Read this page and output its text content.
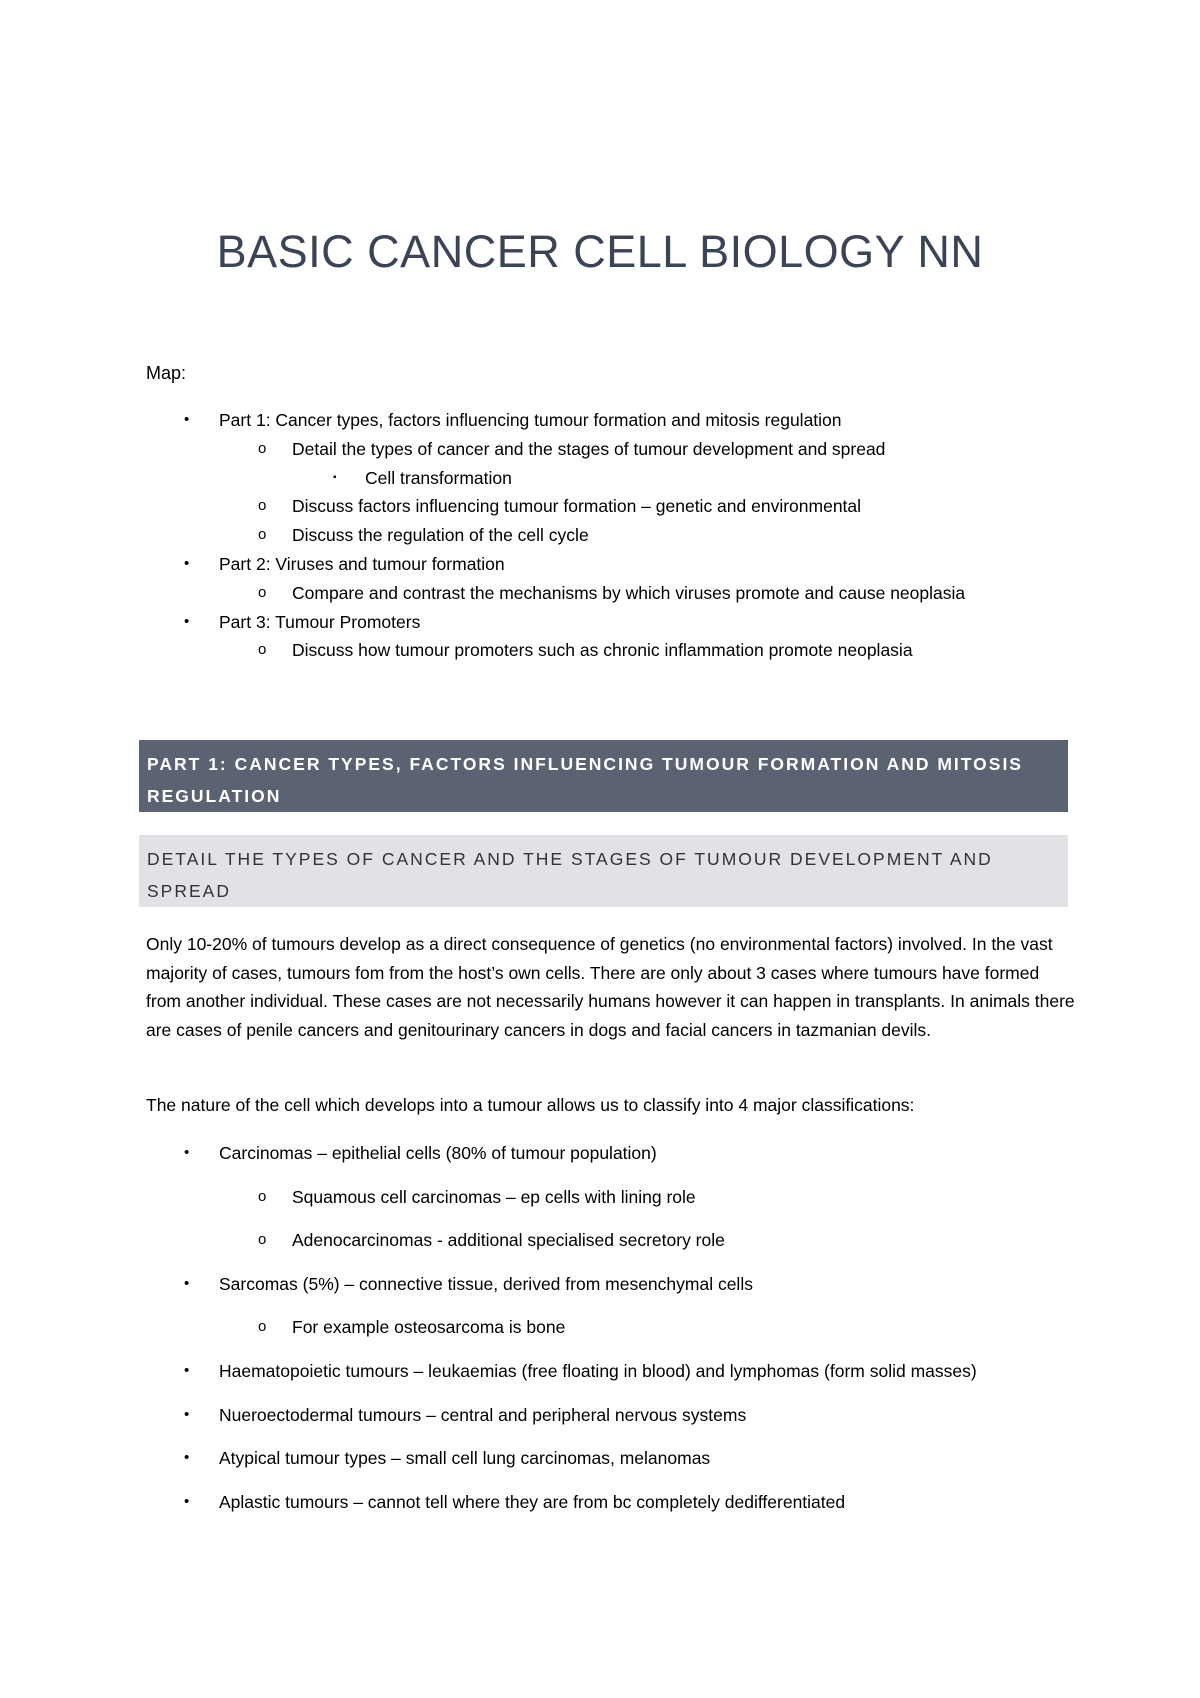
BASIC CANCER CELL BIOLOGY NN
Map:
• Part 1: Cancer types, factors influencing tumour formation and mitosis regulation
o Detail the types of cancer and the stages of tumour development and spread
▪ Cell transformation
o Discuss factors influencing tumour formation – genetic and environmental
o Discuss the regulation of the cell cycle
• Part 2: Viruses and tumour formation
o Compare and contrast the mechanisms by which viruses promote and cause neoplasia
• Part 3: Tumour Promoters
o Discuss how tumour promoters such as chronic inflammation promote neoplasia
PART 1: CANCER TYPES, FACTORS INFLUENCING TUMOUR FORMATION AND MITOSIS REGULATION
DETAIL THE TYPES OF CANCER AND THE STAGES OF TUMOUR DEVELOPMENT AND SPREAD

Only 10-20% of tumours develop as a direct consequence of genetics (no environmental factors) involved. In the vast majority of cases, tumours fom from the host’s own cells. There are only about 3 cases where tumours have formed from another individual. These cases are not necessarily humans however it can happen in transplants. In animals there are cases of penile cancers and genitourinary cancers in dogs and facial cancers in tazmanian devils.

The nature of the cell which develops into a tumour allows us to classify into 4 major classifications:

• Carcinomas – epithelial cells (80% of tumour population)
o Squamous cell carcinomas – ep cells with lining role
o Adenocarcinomas - additional specialised secretory role
• Sarcomas (5%) – connective tissue, derived from mesenchymal cells
o For example osteosarcoma is bone
• Haematopoietic tumours – leukaemias (free floating in blood) and lymphomas (form solid masses)
• Nueroectodermal tumours – central and peripheral nervous systems
• Atypical tumour types – small cell lung carcinomas, melanomas
• Aplastic tumours – cannot tell where they are from bc completely dedifferentiated
